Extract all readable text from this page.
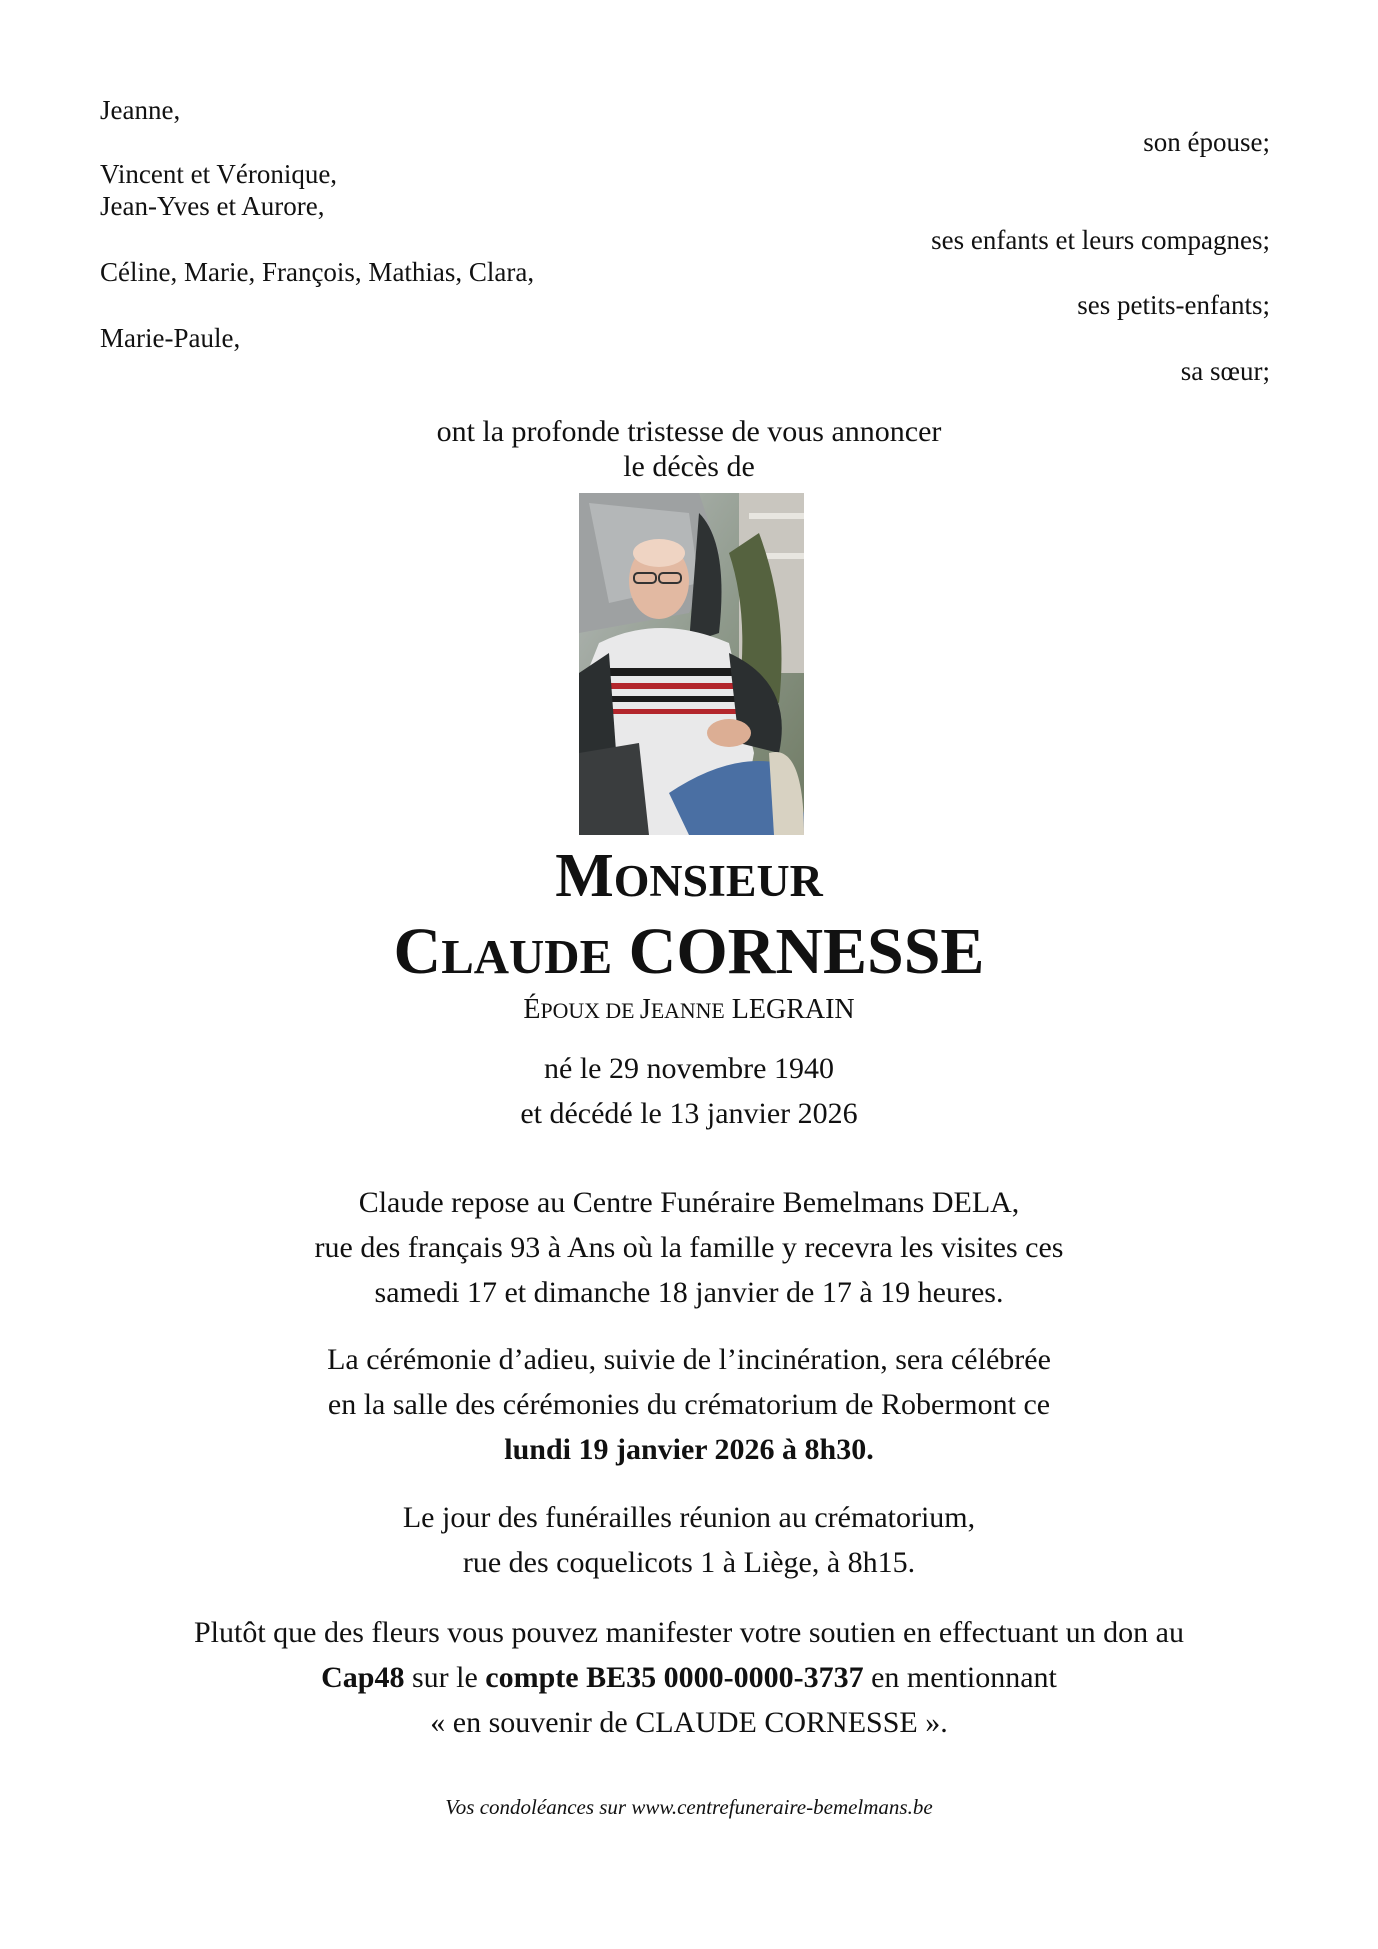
Jeanne,
Vincent et Véronique,
Jean-Yves et Aurore,
Céline, Marie, François, Mathias, Clara,
Marie-Paule,
son épouse;
ses enfants et leurs compagnes;
ses petits-enfants;
sa sœur;
ont la profonde tristesse de vous annoncer
le décès de
MONSIEUR
CLAUDE CORNESSE
ÉPOUX DE JEANNE LEGRAIN
né le 29 novembre 1940
et décédé le 13 janvier 2026
Claude repose au Centre Funéraire Bemelmans DELA,
rue des français 93 à Ans où la famille y recevra les visites ces
samedi 17 et dimanche 18 janvier de 17 à 19 heures.
La cérémonie d’adieu, suivie de l’incinération, sera célébrée
en la salle des cérémonies du crématorium de Robermont ce
lundi 19 janvier 2026 à 8h30.
Le jour des funérailles réunion au crématorium,
rue des coquelicots 1 à Liège, à 8h15.
Plutôt que des fleurs vous pouvez manifester votre soutien en effectuant un don au
Cap48 sur le compte BE35 0000-0000-3737 en mentionnant
« en souvenir de CLAUDE CORNESSE ».
Vos condoléances sur www.centrefuneraire-bemelmans.be
